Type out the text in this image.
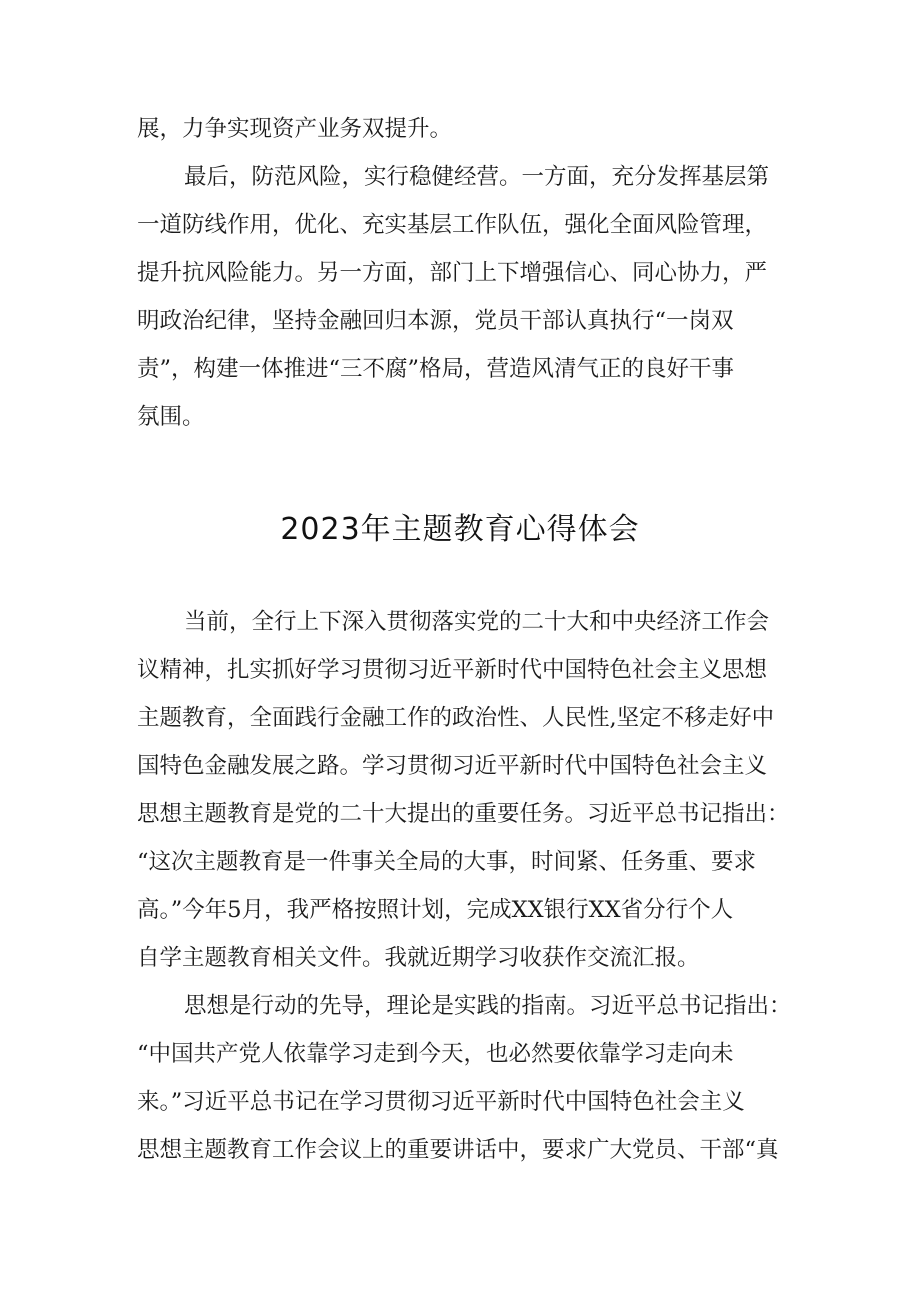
展，力争实现资产业务双提升。
最后，防范风险，实行稳健经营。一方面，充分发挥基层第
一道防线作用，优化、充实基层工作队伍，强化全面风险管理，
提升抗风险能力。另一方面，部门上下增强信心、同心协力，严
明政治纪律，坚持金融回归本源，党员干部认真执行“一岗双
责”，构建一体推进“三不腐”格局，营造风清气正的良好干事
氛围。
2023年主题教育心得体会
当前，全行上下深入贯彻落实党的二十大和中央经济工作会
议精神，扎实抓好学习贯彻习近平新时代中国特色社会主义思想
主题教育，全面践行金融工作的政治性、人民性,坚定不移走好中
国特色金融发展之路。学习贯彻习近平新时代中国特色社会主义
思想主题教育是党的二十大提出的重要任务。习近平总书记指出：
“这次主题教育是一件事关全局的大事，时间紧、任务重、要求
高。”今年5月，我严格按照计划，完成XX银行XX省分行个人
自学主题教育相关文件。我就近期学习收获作交流汇报。
思想是行动的先导，理论是实践的指南。习近平总书记指出：
“中国共产党人依靠学习走到今天，也必然要依靠学习走向未
来。”习近平总书记在学习贯彻习近平新时代中国特色社会主义
思想主题教育工作会议上的重要讲话中，要求广大党员、干部“真
